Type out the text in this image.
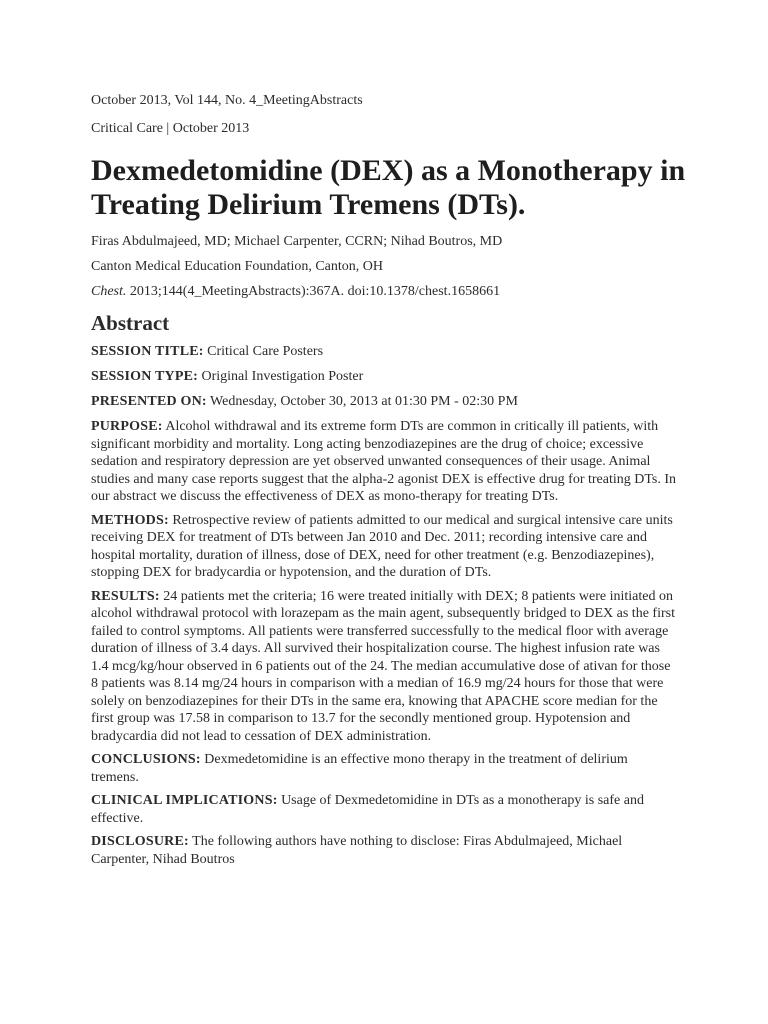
October 2013, Vol 144, No. 4_MeetingAbstracts

Critical Care | October 2013

Dexmedetomidine (DEX) as a Monotherapy in Treating Delirium Tremens (DTs).

Firas Abdulmajeed, MD; Michael Carpenter, CCRN; Nihad Boutros, MD

Canton Medical Education Foundation, Canton, OH

Chest. 2013;144(4_MeetingAbstracts):367A. doi:10.1378/chest.1658661

Abstract

SESSION TITLE: Critical Care Posters

SESSION TYPE: Original Investigation Poster

PRESENTED ON: Wednesday, October 30, 2013 at 01:30 PM - 02:30 PM

PURPOSE: Alcohol withdrawal and its extreme form DTs are common in critically ill patients, with significant morbidity and mortality. Long acting benzodiazepines are the drug of choice; excessive sedation and respiratory depression are yet observed unwanted consequences of their usage. Animal studies and many case reports suggest that the alpha-2 agonist DEX is effective drug for treating DTs. In our abstract we discuss the effectiveness of DEX as mono-therapy for treating DTs.

METHODS: Retrospective review of patients admitted to our medical and surgical intensive care units receiving DEX for treatment of DTs between Jan 2010 and Dec. 2011; recording intensive care and hospital mortality, duration of illness, dose of DEX, need for other treatment (e.g. Benzodiazepines), stopping DEX for bradycardia or hypotension, and the duration of DTs.

RESULTS: 24 patients met the criteria; 16 were treated initially with DEX; 8 patients were initiated on alcohol withdrawal protocol with lorazepam as the main agent, subsequently bridged to DEX as the first failed to control symptoms. All patients were transferred successfully to the medical floor with average duration of illness of 3.4 days. All survived their hospitalization course. The highest infusion rate was 1.4 mcg/kg/hour observed in 6 patients out of the 24. The median accumulative dose of ativan for those 8 patients was 8.14 mg/24 hours in comparison with a median of 16.9 mg/24 hours for those that were solely on benzodiazepines for their DTs in the same era, knowing that APACHE score median for the first group was 17.58 in comparison to 13.7 for the secondly mentioned group. Hypotension and bradycardia did not lead to cessation of DEX administration.

CONCLUSIONS: Dexmedetomidine is an effective mono therapy in the treatment of delirium tremens.

CLINICAL IMPLICATIONS: Usage of Dexmedetomidine in DTs as a monotherapy is safe and effective.

DISCLOSURE: The following authors have nothing to disclose: Firas Abdulmajeed, Michael Carpenter, Nihad Boutros
